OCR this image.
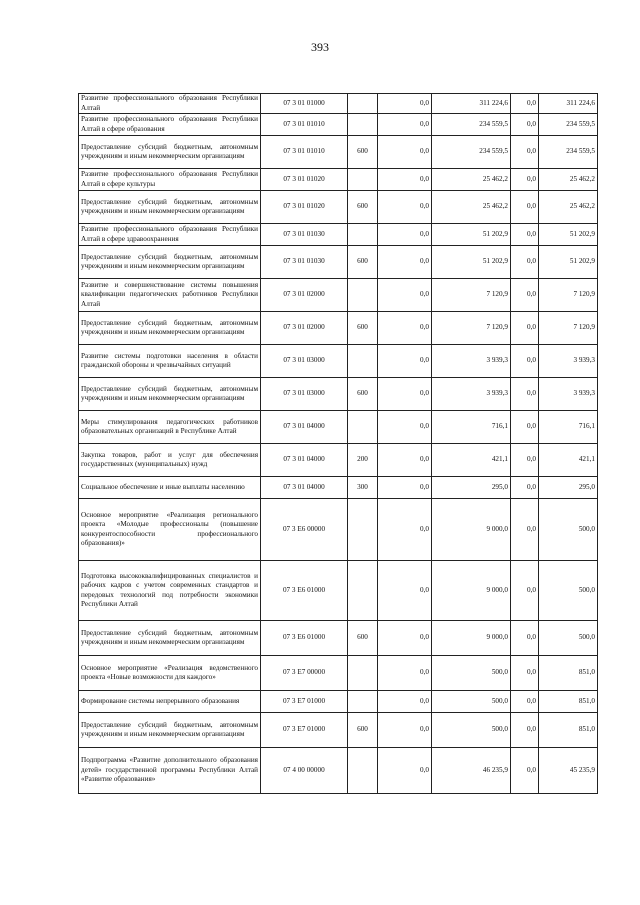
393
Развитие профессионального образования Республики Алтай	07 3 01 01000		0,0	311 224,6	0,0	311 224,6
Развитие профессионального образования Республики Алтай в сфере образования	07 3 01 01010		0,0	234 559,5	0,0	234 559,5
Предоставление субсидий бюджетным, автономным учреждениям и иным некоммерческим организациям	07 3 01 01010	600	0,0	234 559,5	0,0	234 559,5
Развитие профессионального образования Республики Алтай в сфере культуры	07 3 01 01020		0,0	25 462,2	0,0	25 462,2
Предоставление субсидий бюджетным, автономным учреждениям и иным некоммерческим организациям	07 3 01 01020	600	0,0	25 462,2	0,0	25 462,2
Развитие профессионального образования Республики Алтай в сфере здравоохранения	07 3 01 01030		0,0	51 202,9	0,0	51 202,9
Предоставление субсидий бюджетным, автономным учреждениям и иным некоммерческим организациям	07 3 01 01030	600	0,0	51 202,9	0,0	51 202,9
Развитие и совершенствование системы повышения квалификации педагогических работников Республики Алтай	07 3 01 02000		0,0	7 120,9	0,0	7 120,9
Предоставление субсидий бюджетным, автономным учреждениям и иным некоммерческим организациям	07 3 01 02000	600	0,0	7 120,9	0,0	7 120,9
Развитие системы подготовки населения в области гражданской обороны и чрезвычайных ситуаций	07 3 01 03000		0,0	3 939,3	0,0	3 939,3
Предоставление субсидий бюджетным, автономным учреждениям и иным некоммерческим организациям	07 3 01 03000	600	0,0	3 939,3	0,0	3 939,3
Меры стимулирования педагогических работников образовательных организаций в Республике Алтай	07 3 01 04000		0,0	716,1	0,0	716,1
Закупка товаров, работ и услуг для обеспечения государственных (муниципальных) нужд	07 3 01 04000	200	0,0	421,1	0,0	421,1
Социальное обеспечение и иные выплаты населению	07 3 01 04000	300	0,0	295,0	0,0	295,0
Основное мероприятие «Реализация регионального проекта «Молодые профессионалы (повышение конкурентоспособности профессионального образования)»	07 3 E6 00000		0,0	9 000,0	0,0	500,0
Подготовка высококвалифицированных специалистов и рабочих кадров с учетом современных стандартов и передовых технологий под потребности экономики Республики Алтай	07 3 E6 01000		0,0	9 000,0	0,0	500,0
Предоставление субсидий бюджетным, автономным учреждениям и иным некоммерческим организациям	07 3 E6 01000	600	0,0	9 000,0	0,0	500,0
Основное мероприятие «Реализация ведомственного проекта «Новые возможности для каждого»	07 3 E7 00000		0,0	500,0	0,0	851,0
Формирование системы непрерывного образования	07 3 E7 01000		0,0	500,0	0,0	851,0
Предоставление субсидий бюджетным, автономным учреждениям и иным некоммерческим организациям	07 3 E7 01000	600	0,0	500,0	0,0	851,0
Подпрограмма «Развитие дополнительного образования детей» государственной программы Республики Алтай «Развитие образования»	07 4 00 00000		0,0	46 235,9	0,0	45 235,9
